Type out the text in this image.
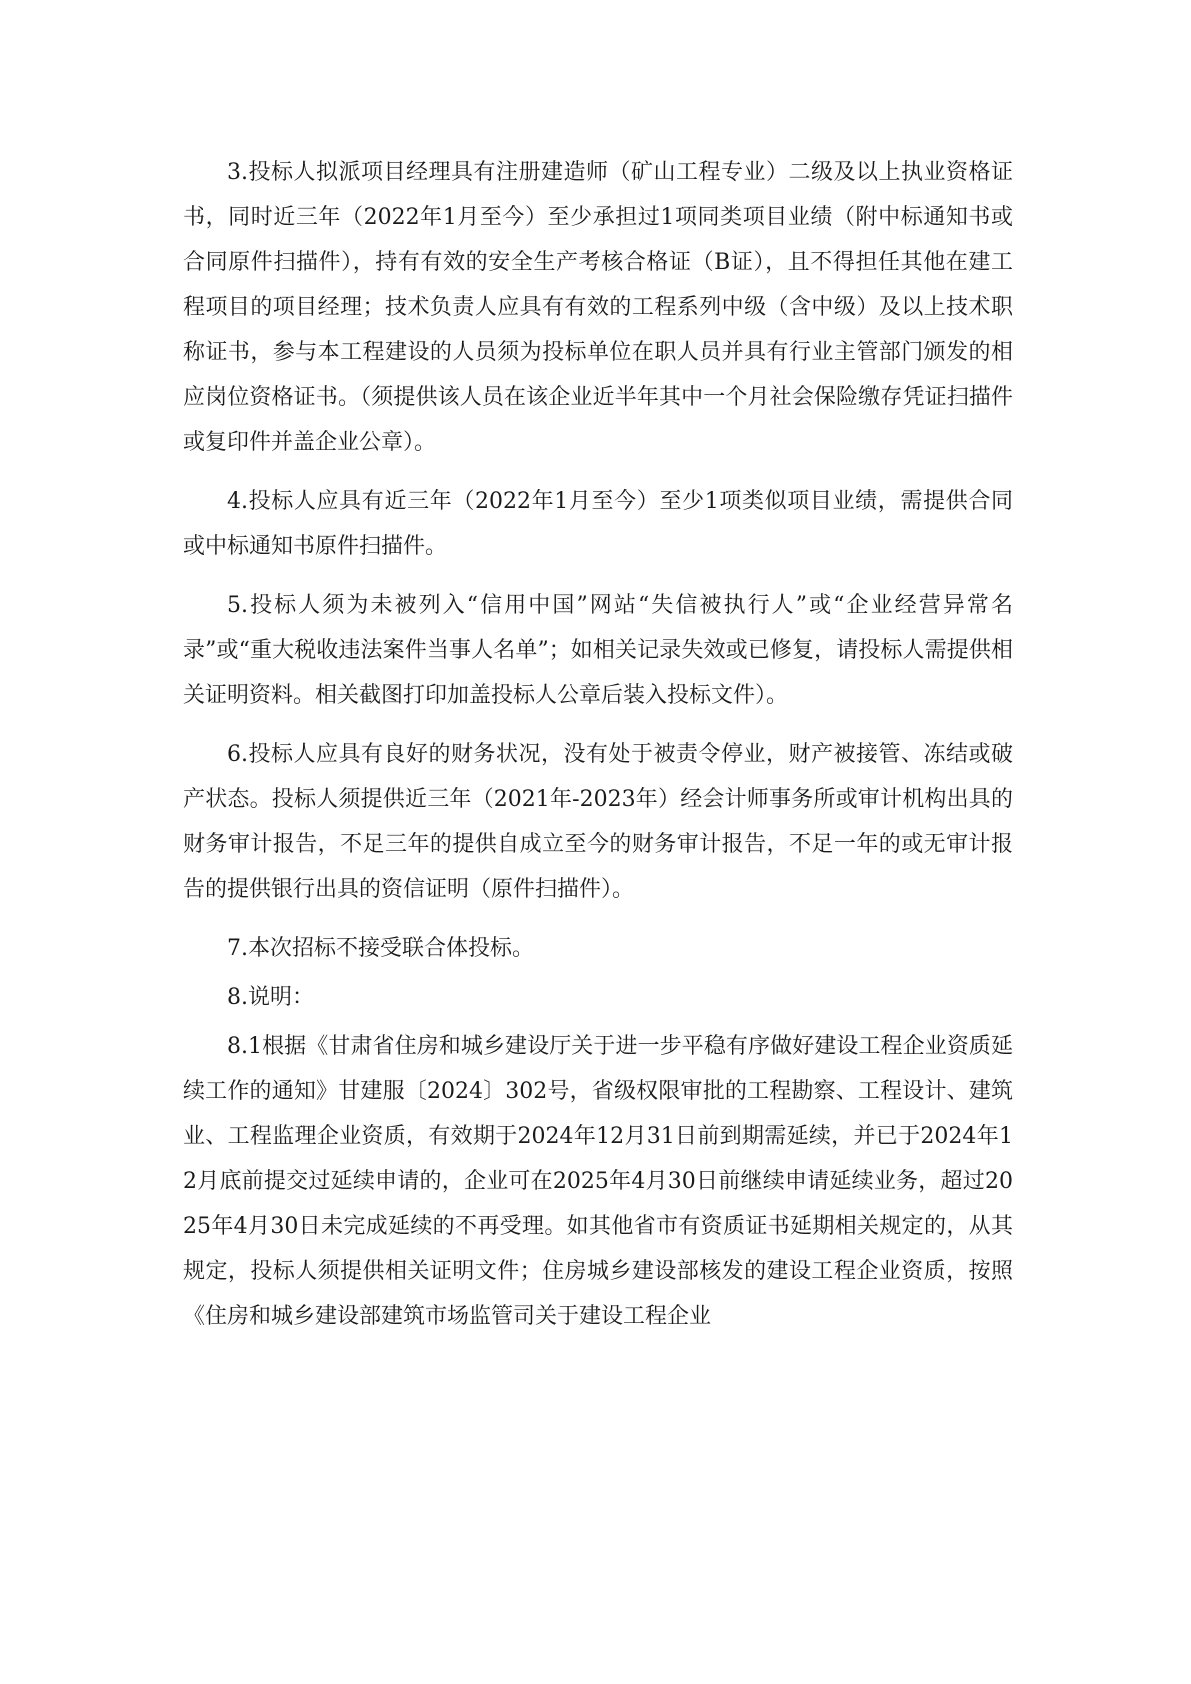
3.投标人拟派项目经理具有注册建造师（矿山工程专业）二级及以上执业资格证书，同时近三年（2022年1月至今）至少承担过1项同类项目业绩（附中标通知书或合同原件扫描件），持有有效的安全生产考核合格证（B证），且不得担任其他在建工程项目的项目经理；技术负责人应具有有效的工程系列中级（含中级）及以上技术职称证书，参与本工程建设的人员须为投标单位在职人员并具有行业主管部门颁发的相应岗位资格证书。（须提供该人员在该企业近半年其中一个月社会保险缴存凭证扫描件或复印件并盖企业公章）。

4.投标人应具有近三年（2022年1月至今）至少1项类似项目业绩，需提供合同或中标通知书原件扫描件。

5.投标人须为未被列入“信用中国”网站“失信被执行人”或“企业经营异常名录”或“重大税收违法案件当事人名单”；如相关记录失效或已修复，请投标人需提供相关证明资料。相关截图打印加盖投标人公章后装入投标文件）。

6.投标人应具有良好的财务状况，没有处于被责令停业，财产被接管、冻结或破产状态。投标人须提供近三年（2021年-2023年）经会计师事务所或审计机构出具的财务审计报告，不足三年的提供自成立至今的财务审计报告，不足一年的或无审计报告的提供银行出具的资信证明（原件扫描件）。

7.本次招标不接受联合体投标。

8.说明：

8.1根据《甘肃省住房和城乡建设厅关于进一步平稳有序做好建设工程企业资质延续工作的通知》甘建服〔2024〕302号，省级权限审批的工程勘察、工程设计、建筑业、工程监理企业资质，有效期于2024年12月31日前到期需延续，并已于2024年12月底前提交过延续申请的，企业可在2025年4月30日前继续申请延续业务，超过2025年4月30日未完成延续的不再受理。如其他省市有资质证书延期相关规定的，从其规定，投标人须提供相关证明文件；住房城乡建设部核发的建设工程企业资质，按照《住房和城乡建设部建筑市场监管司关于建设工程企业
